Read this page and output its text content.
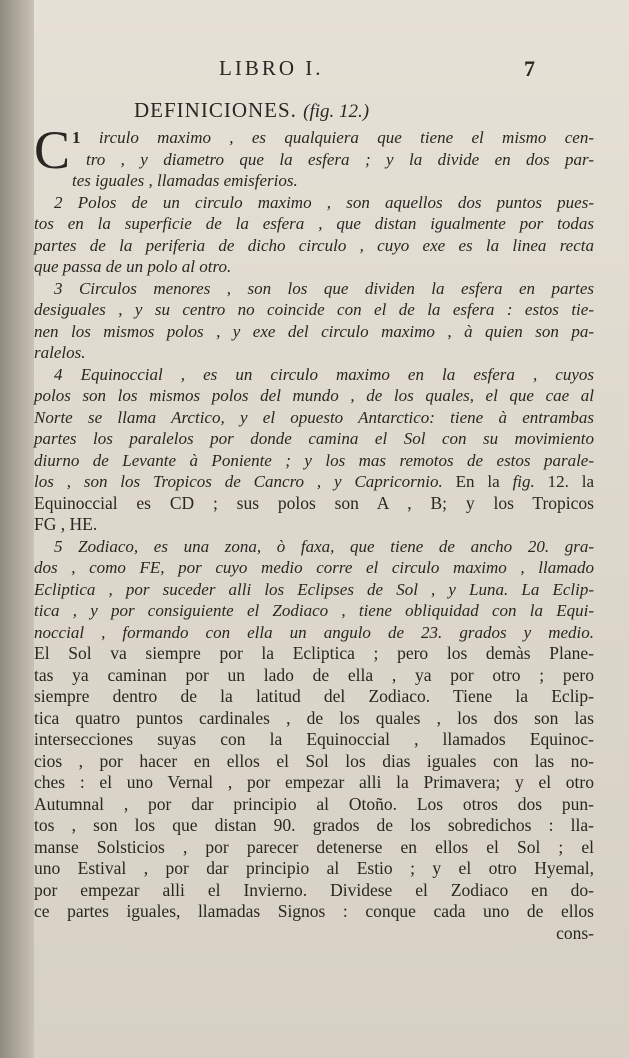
LIBRO I.	7
DEFINICIONES. (fig. 12.)
1
C irculo maximo , es qualquiera que tiene el mismo cen-
tro , y diametro que la esfera ; y la divide en dos par-
tes iguales , llamadas emisferios.
2 Polos de un circulo maximo , son aquellos dos puntos pues-
tos en la superficie de la esfera , que distan igualmente por todas
partes de la periferia de dicho circulo , cuyo exe es la linea recta
que passa de un polo al otro.
3 Circulos menores , son los que dividen la esfera en partes
desiguales , y su centro no coincide con el de la esfera : estos tie-
nen los mismos polos , y exe del circulo maximo , à quien son pa-
ralelos.
4 Equinoccial , es un circulo maximo en la esfera , cuyos
polos son los mismos polos del mundo , de los quales, el que cae al
Norte se llama Arctico, y el opuesto Antarctico: tiene à entrambas
partes los paralelos por donde camina el Sol con su movimiento
diurno de Levante à Poniente ; y los mas remotos de estos parale-
los , son los Tropicos de Cancro , y Capricornio. En la fig. 12. la
Equinoccial es CD ; sus polos son A , B; y los Tropicos
FG , HE.
5 Zodiaco, es una zona, ò faxa, que tiene de ancho 20. gra-
dos , como FE, por cuyo medio corre el circulo maximo , llamado
Ecliptica , por suceder alli los Eclipses de Sol , y Luna. La Eclip-
tica , y por consiguiente el Zodiaco , tiene obliquidad con la Equi-
noccial , formando con ella un angulo de 23. grados y medio.
El Sol va siempre por la Ecliptica ; pero los demàs Plane-
tas ya caminan por un lado de ella , ya por otro ; pero
siempre dentro de la latitud del Zodiaco. Tiene la Eclip-
tica quatro puntos cardinales , de los quales , los dos son las
intersecciones suyas con la Equinoccial , llamados Equinoc-
cios , por hacer en ellos el Sol los dias iguales con las no-
ches : el uno Vernal , por empezar alli la Primavera; y el otro
Autumnal , por dar principio al Otoño. Los otros dos pun-
tos , son los que distan 90. grados de los sobredichos : lla-
manse Solsticios , por parecer detenerse en ellos el Sol ; el
uno Estival , por dar principio al Estio ; y el otro Hyemal,
por empezar alli el Invierno. Dividese el Zodiaco en do-
ce partes iguales, llamadas Signos : conque cada uno de ellos
cons-
